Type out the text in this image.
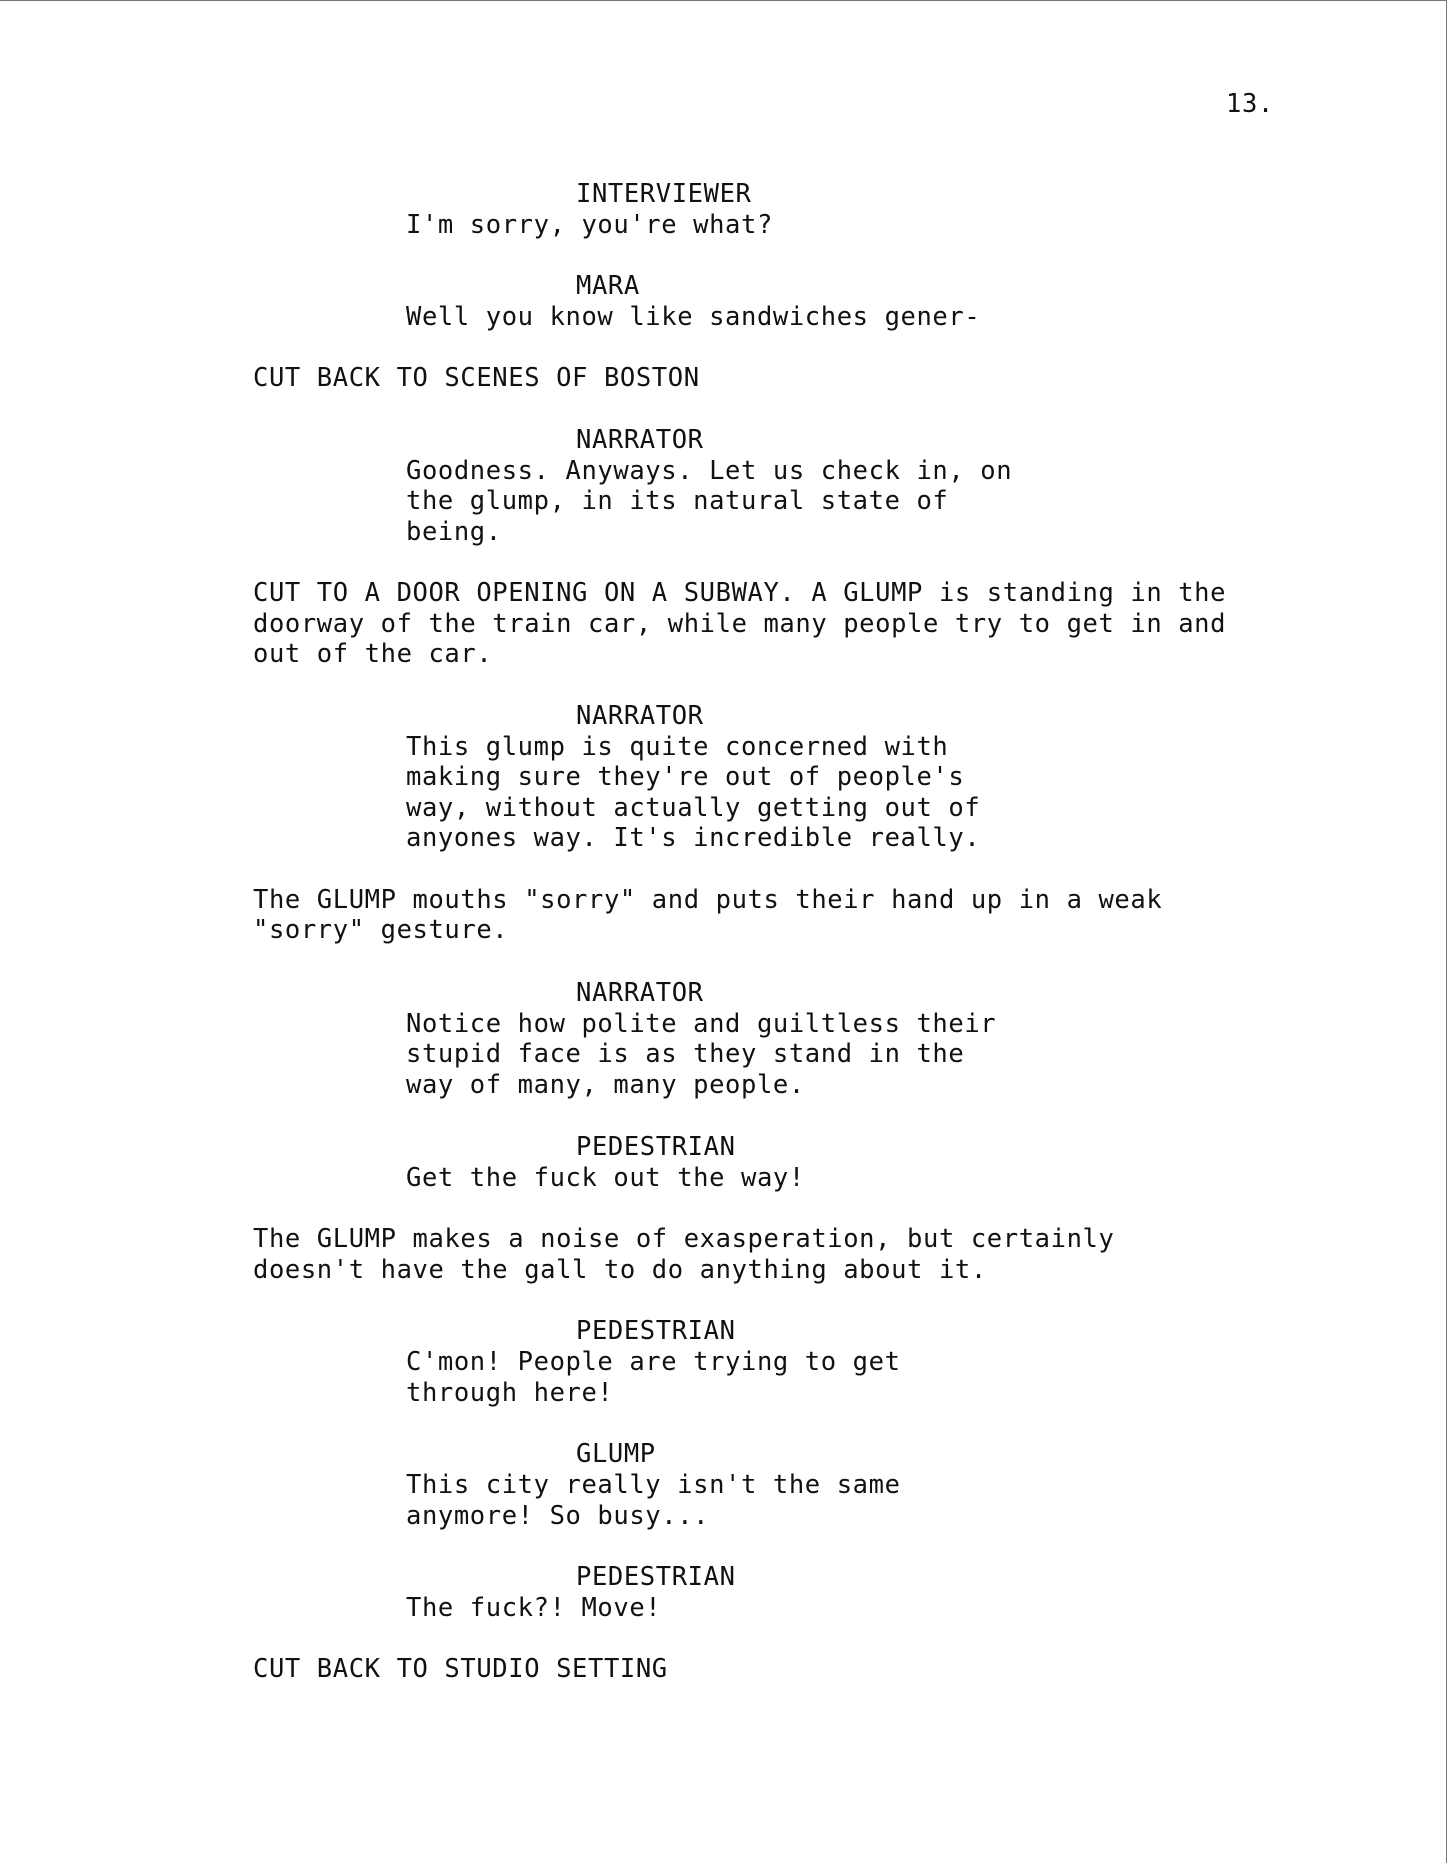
13.
INTERVIEWER
I'm sorry, you're what?
MARA
Well you know like sandwiches gener-
CUT BACK TO SCENES OF BOSTON
NARRATOR
Goodness. Anyways. Let us check in, on
the glump, in its natural state of
being.
CUT TO A DOOR OPENING ON A SUBWAY. A GLUMP is standing in the
doorway of the train car, while many people try to get in and
out of the car.
NARRATOR
This glump is quite concerned with
making sure they're out of people's
way, without actually getting out of
anyones way. It's incredible really.
The GLUMP mouths "sorry" and puts their hand up in a weak
"sorry" gesture.
NARRATOR
Notice how polite and guiltless their
stupid face is as they stand in the
way of many, many people.
PEDESTRIAN
Get the fuck out the way!
The GLUMP makes a noise of exasperation, but certainly
doesn't have the gall to do anything about it.
PEDESTRIAN
C'mon! People are trying to get
through here!
GLUMP
This city really isn't the same
anymore! So busy...
PEDESTRIAN
The fuck?! Move!
CUT BACK TO STUDIO SETTING
